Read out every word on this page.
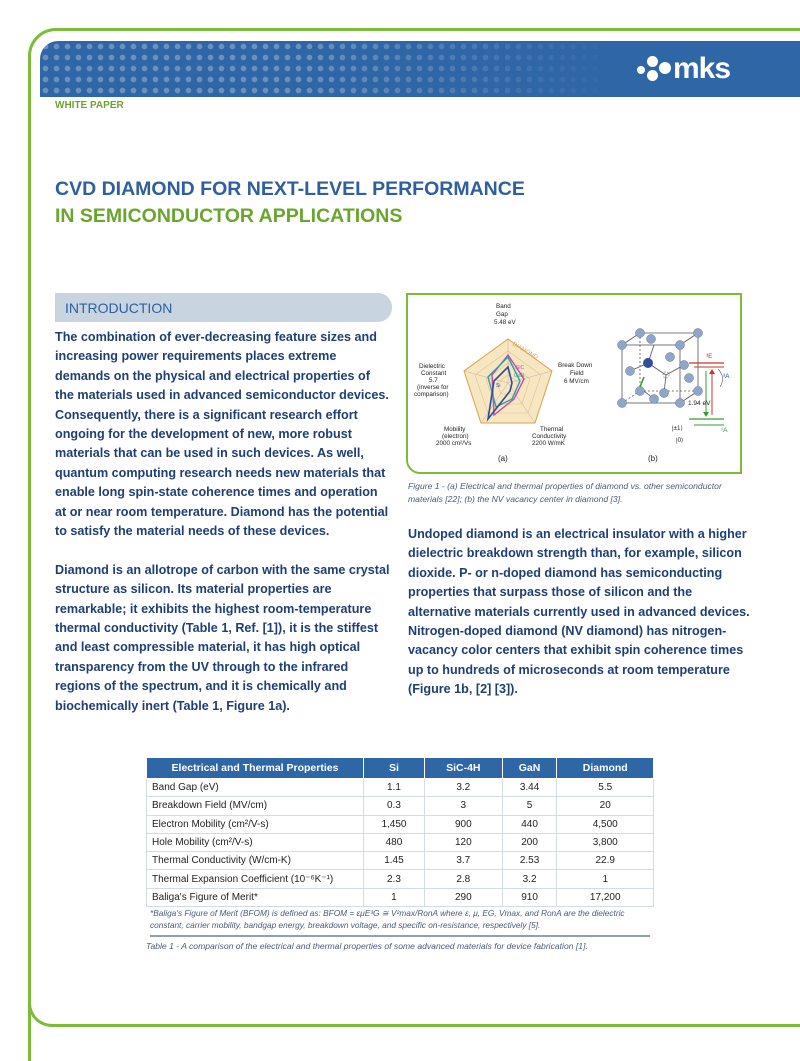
mks
WHITE PAPER
CVD DIAMOND FOR NEXT-LEVEL PERFORMANCE
IN SEMICONDUCTOR APPLICATIONS
INTRODUCTION

The combination of ever-decreasing feature sizes and increasing power requirements places extreme demands on the physical and electrical properties of the materials used in advanced semiconductor devices. Consequently, there is a significant research effort ongoing for the development of new, more robust materials that can be used in such devices. As well, quantum computing research needs new materials that enable long spin-state coherence times and operation at or near room temperature. Diamond has the potential to satisfy the material needs of these devices.

Diamond is an allotrope of carbon with the same crystal structure as silicon. Its material properties are remarkable; it exhibits the highest room-temperature thermal conductivity (Table 1, Ref. [1]), it is the stiffest and least compressible material, it has high optical transparency from the UV through to the infrared regions of the spectrum, and it is chemically and biochemically inert (Table 1, Figure 1a).

DIAMOND
SiC
GaN
Si
Band
Gap
5.48 eV
Break Down
Field
6 MV/cm
Thermal
Conductivity
2200 W/mK
Mobility
(electron)
2000 cm²/Vs
Dielectric
Constant
5.7
(inverse for
comparison)
(a)
³E
³A
1.94 eV
|±1⟩
|0⟩
¹A
(b)
Figure 1 - (a) Electrical and thermal properties of diamond vs. other semiconductor materials [22]; (b) the NV vacancy center in diamond [3].

Undoped diamond is an electrical insulator with a higher dielectric breakdown strength than, for example, silicon dioxide. P- or n-doped diamond has semiconducting properties that surpass those of silicon and the alternative materials currently used in advanced devices. Nitrogen-doped diamond (NV diamond) has nitrogen-vacancy color centers that exhibit spin coherence times up to hundreds of microseconds at room temperature (Figure 1b, [2] [3]).

Electrical and Thermal Properties	Si	SiC-4H	GaN	Diamond
Band Gap (eV)	1.1	3.2	3.44	5.5
Breakdown Field (MV/cm)	0.3	3	5	20
Electron Mobility (cm²/V-s)	1,450	900	440	4,500
Hole Mobility (cm²/V-s)	480	120	200	3,800
Thermal Conductivity (W/cm-K)	1.45	3.7	2.53	22.9
Thermal Expansion Coefficient (10⁻⁶K⁻¹)	2.3	2.8	3.2	1
Baliga's Figure of Merit*	1	290	910	17,200
*Baliga's Figure of Merit (BFOM) is defined as: BFOM = εμE³G ≅ V²max/RonA where ε, μ, EG, Vmax, and RonA are the dielectric constant, carrier mobility, bandgap energy, breakdown voltage, and specific on-resistance, respectively [5].
Table 1 - A comparison of the electrical and thermal properties of some advanced materials for device fabrication [1].
